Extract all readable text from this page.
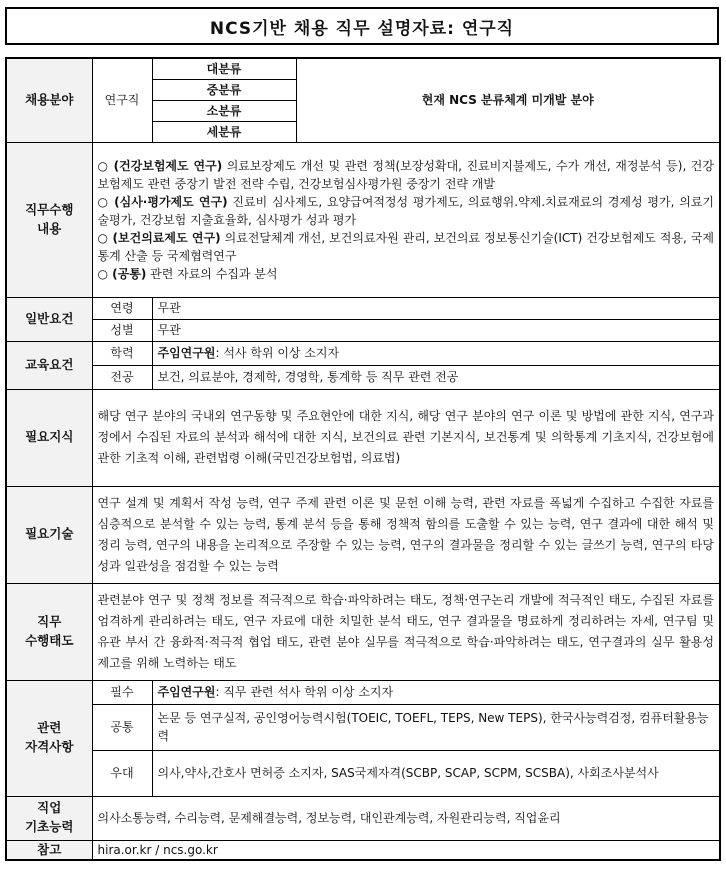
NCS기반 채용 직무 설명자료: 연구직
채용분야	연구직	대분류	현재 NCS 분류체계 미개발 분야
		중분류	
		소분류	
		세분류	
직무수행
내용	○ (건강보험제도 연구) 의료보장제도 개선 및 관련 정책(보장성확대, 진료비지불제도, 수가 개선, 재정분석 등), 건강보험제도 관련 중장기 발전 전략 수립, 건강보험심사평가원 중장기 전략 개발
○ (심사·평가제도 연구) 진료비 심사제도, 요양급여적정성 평가제도, 의료행위.약제.치료재료의 경제성 평가, 의료기술평가, 건강보험 지출효율화, 심사평가 성과 평가
○ (보건의료제도 연구) 의료전달체계 개선, 보건의료자원 관리, 보건의료 정보통신기술(ICT) 건강보험제도 적용, 국제통계 산출 등 국제협력연구
○ (공통) 관련 자료의 수집과 분석		

일반요건	연령	무관	
	성별	무관	
교육요건	학력	주임연구원: 석사 학위 이상 소지자	
	전공	보건, 의료분야, 경제학, 경영학, 통계학 등 직무 관련 전공	
필요지식	해당 연구 분야의 국내외 연구동향 및 주요현안에 대한 지식, 해당 연구 분야의 연구 이론 및 방법에 관한 지식, 연구과정에서 수집된 자료의 분석과 해석에 대한 지식, 보건의료 관련 기본지식, 보건통계 및 의학통계 기초지식, 건강보험에 관한 기초적 이해, 관련법령 이해(국민건강보험법, 의료법)		
필요기술	연구 설계 및 계획서 작성 능력, 연구 주제 관련 이론 및 문헌 이해 능력, 관련 자료를 폭넓게 수집하고 수집한 자료를 심층적으로 분석할 수 있는 능력, 통계 분석 등을 통해 정책적 함의를 도출할 수 있는 능력, 연구 결과에 대한 해석 및 정리 능력, 연구의 내용을 논리적으로 주장할 수 있는 능력, 연구의 결과물을 정리할 수 있는 글쓰기 능력, 연구의 타당성과 일관성을 점검할 수 있는 능력		
직무
수행태도	관련분야 연구 및 정책 정보를 적극적으로 학습·파악하려는 태도, 정책·연구논리 개발에 적극적인 태도, 수집된 자료를 엄격하게 관리하려는 태도, 연구 자료에 대한 치밀한 분석 태도, 연구 결과물을 명료하게 정리하려는 자세, 연구팀 및 유관 부서 간 융화적·적극적 협업 태도, 관련 분야 실무를 적극적으로 학습·파악하려는 태도, 연구결과의 실무 활용성 제고를 위해 노력하는 태도		
관련
자격사항	필수	주임연구원: 직무 관련 석사 학위 이상 소지자	
	공통	논문 등 연구실적, 공인영어능력시험(TOEIC, TOEFL, TEPS, New TEPS), 한국사능력검정, 컴퓨터활용능력	
	우대	의사,약사,간호사 면허증 소지자, SAS국제자격(SCBP, SCAP, SCPM, SCSBA), 사회조사분석사	
직업
기초능력	의사소통능력, 수리능력, 문제해결능력, 정보능력, 대인관계능력, 자원관리능력, 직업윤리		
참고	hira.or.kr / ncs.go.kr		
